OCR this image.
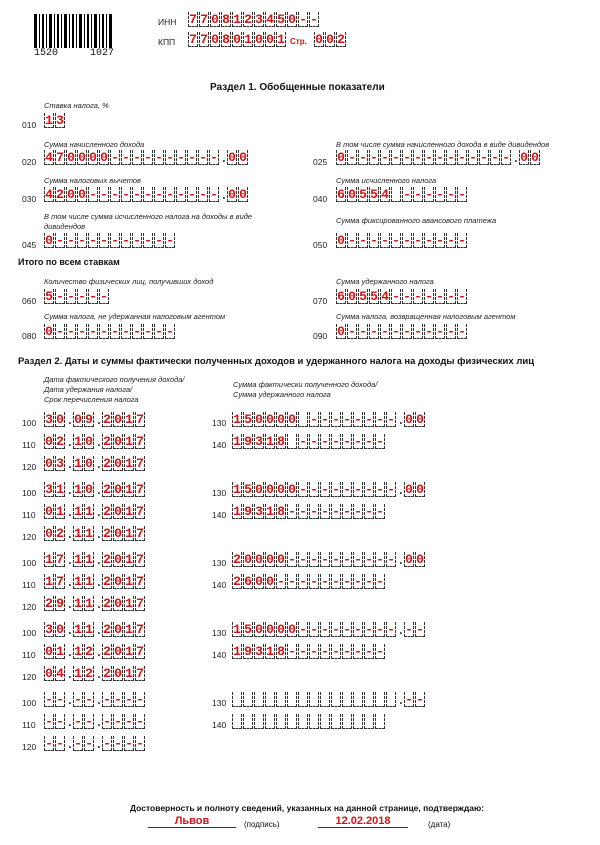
1520	1027
ИНН 7 7 0 8 1 2 3 4 5 0 - -
КПП 7 7 0 8 0 1 0 0 1 Стр. 0 0 2
Раздел 1. Обобщенные показатели
Ставка налога, %
010 1 3
Сумма начисленного дохода
020 4 7 0 0 0 0 - - - - - - - - - - . 0 0
В том числе сумма начисленного дохода в виде дивидендов
025 0 - - - - - - - - - - - - - - - . 0 0
Сумма налоговых вычетов
030 4 2 0 0 - - - - - - - - - - - - . 0 0
Сумма исчисленного налога
040 6 0 5 5 4 - - - - - -
В том числе сумма исчисленного налога на доходы в виде
дивидендов
045 0 - - - - - - - - - - -
Сумма фиксированного авансового платежа
050 0 - - - - - - - - - - -
Итого по всем ставкам
Количество физических лиц, получивших доход
060 5 - - - - -
Сумма удержанного налога
070 6 0 5 5 4 - - - - - - -
Сумма налога, не удержанная налоговым агентом
080 0 - - - - - - - - - - -
Сумма налога, возвращенная налоговым агентом
090 0 - - - - - - - - - - -
Раздел 2. Даты и суммы фактически полученных доходов и удержанного налога на доходы физических лиц
Дата фактического получения дохода/
Дата удержания налога/
Срок перечисления налога
Сумма фактически полученного дохода/
Сумма удержанного налога
100 3 0 . 0 9 . 2 0 1 7
110 0 2 . 1 0 . 2 0 1 7
120 0 3 . 1 0 . 2 0 1 7
130 1 5 0 0 0 0 - - - - - - - - . 0 0
140 1 9 3 1 8 - - - - - - - -
100 3 1 . 1 0 . 2 0 1 7
110 0 1 . 1 1 . 2 0 1 7
120 0 2 . 1 1 . 2 0 1 7
130 1 5 0 0 0 0 - - - - - - - - - . 0 0
140 1 9 3 1 8 - - - - - - - - -
100 1 7 . 1 1 . 2 0 1 7
110 1 7 . 1 1 . 2 0 1 7
120 2 9 . 1 1 . 2 0 1 7
130 2 0 0 0 0 - - - - - - - - - - . 0 0
140 2 6 0 0 - - - - - - - - - -
100 3 0 . 1 1 . 2 0 1 7
110 0 1 . 1 2 . 2 0 1 7
120 0 4 . 1 2 . 2 0 1 7
130 1 5 0 0 0 0 - - - - - - - - - . - -
140 1 9 3 1 8 - - - - - - - - -
100 - - . - - . - - - -
110 - - . - - . - - - -
120 - - . - - . - - - -
130	. - -
140
Достоверность и полноту сведений, указанных на данной странице, подтверждаю:
Львов	(подпись)	12.02.2018	(дата)
